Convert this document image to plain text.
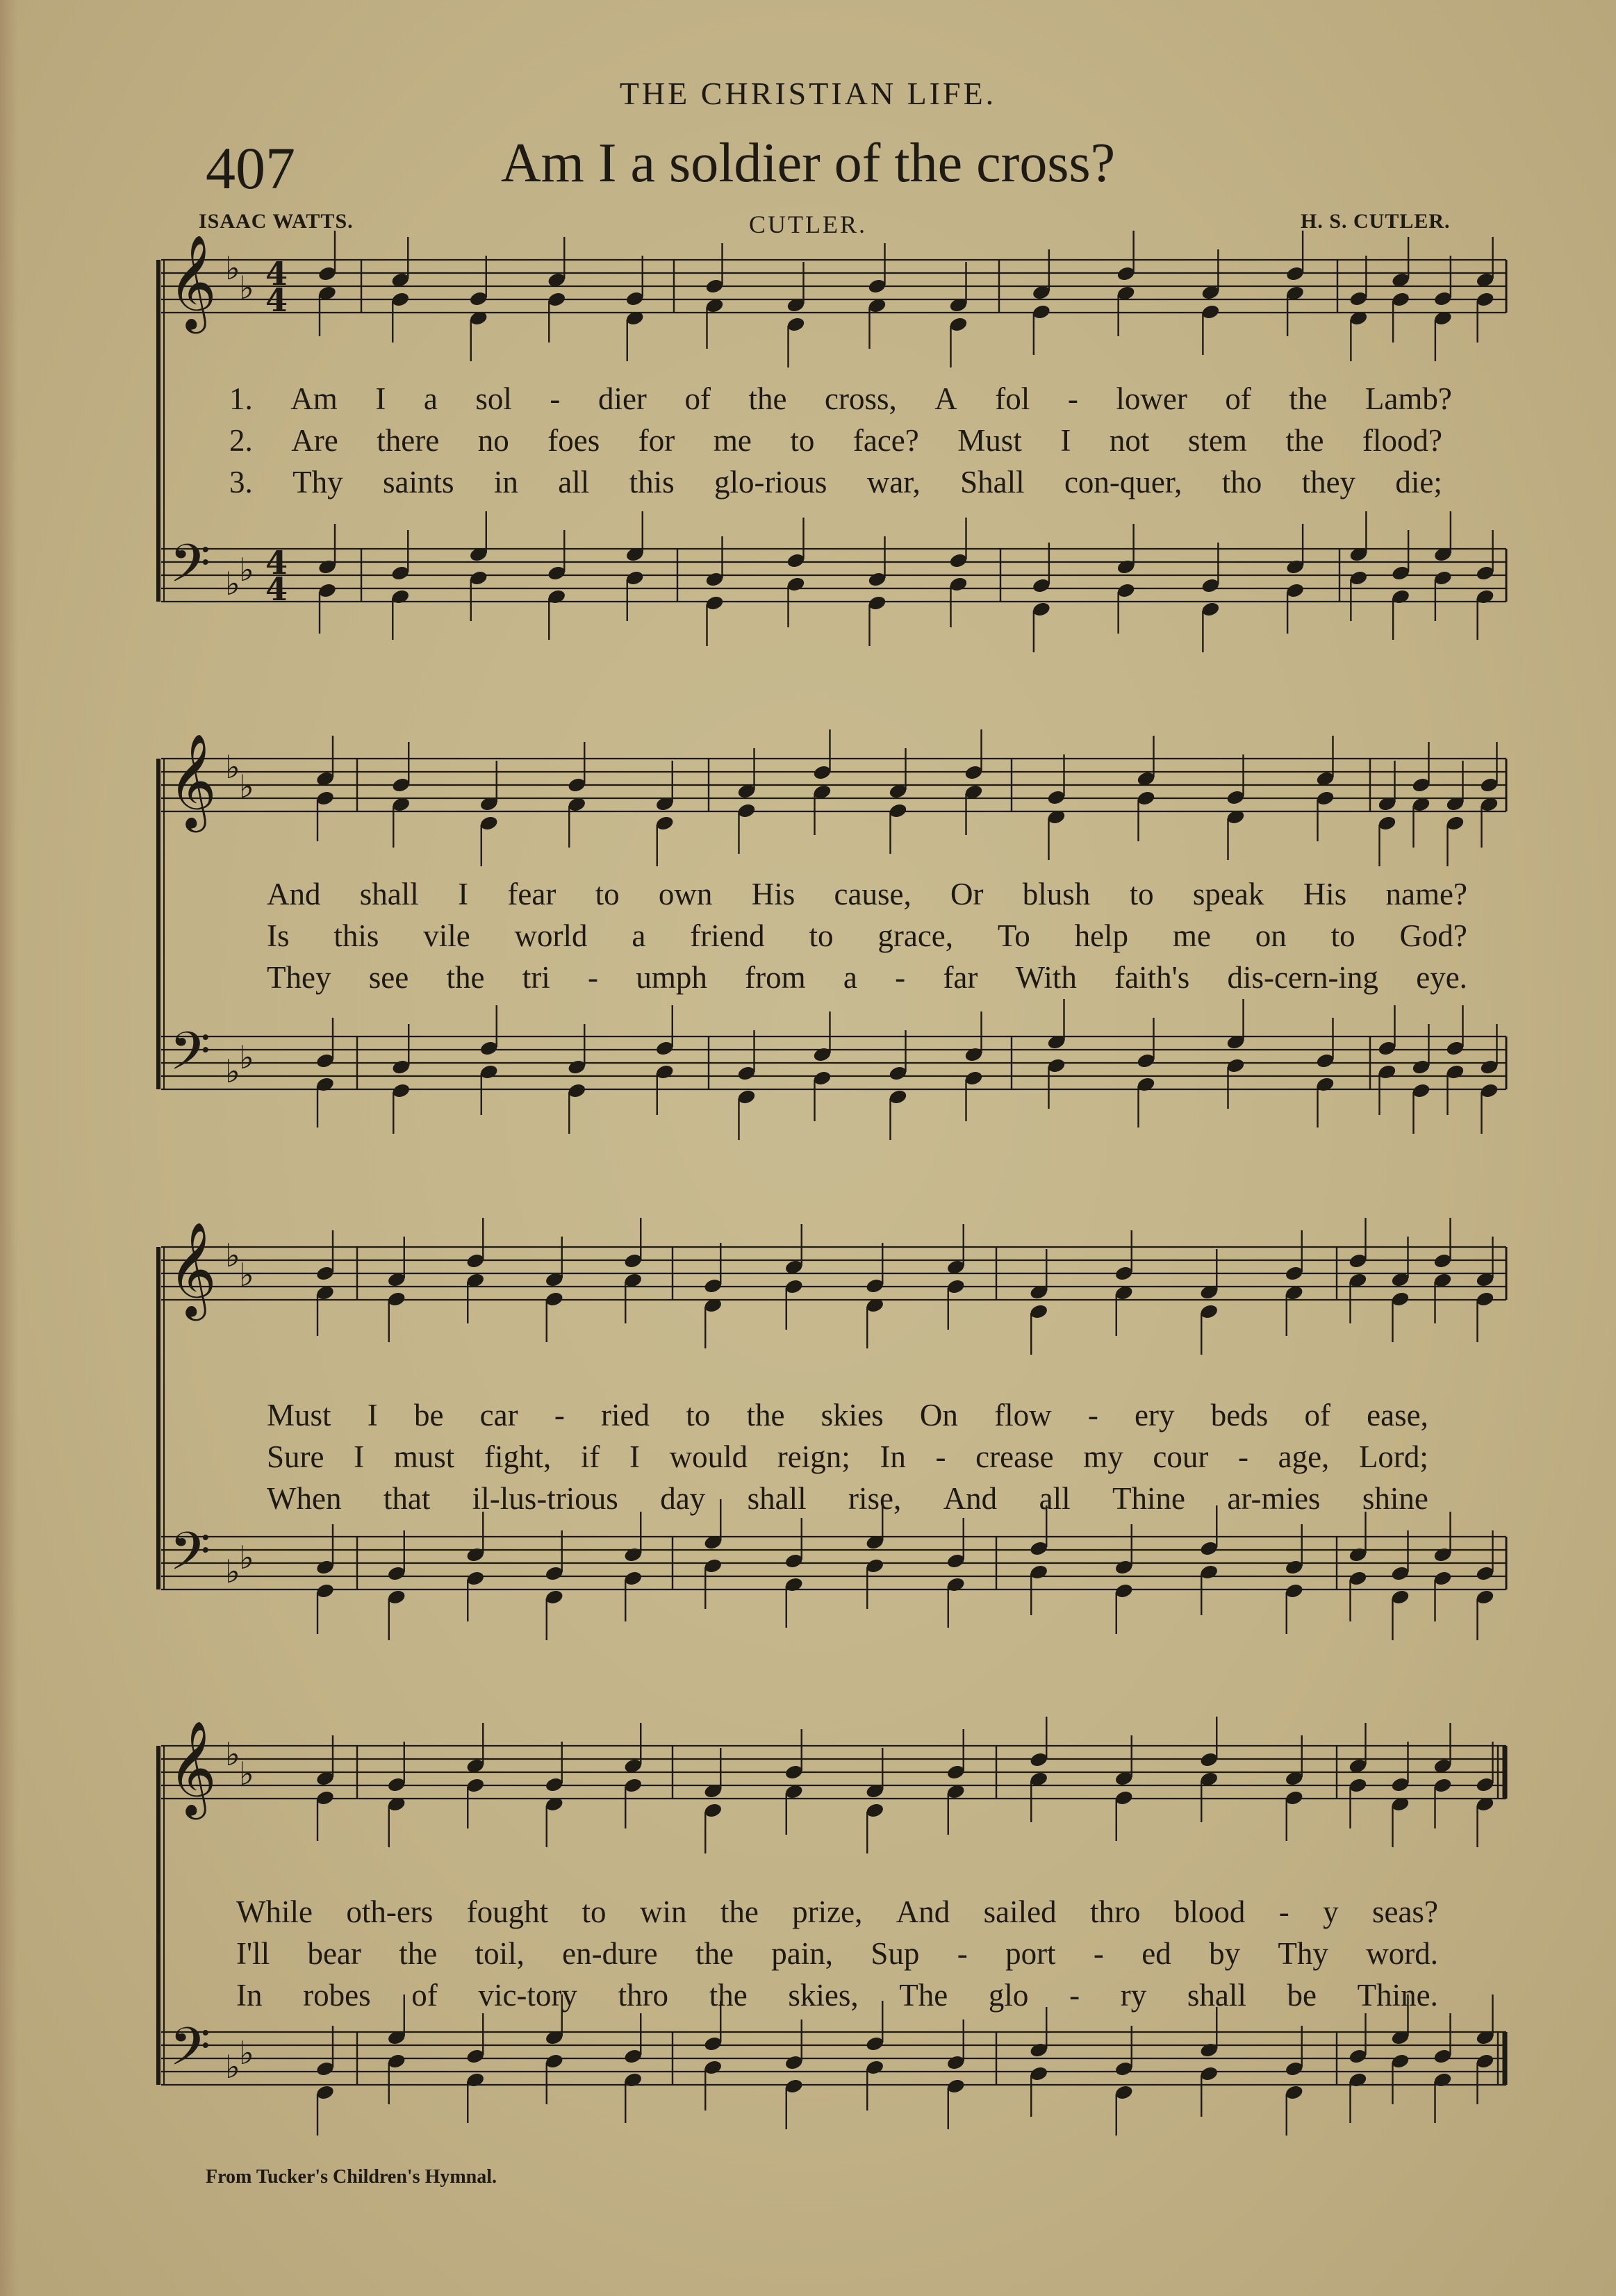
THE CHRISTIAN LIFE.
407	Am I a soldier of the cross?
ISAAC WATTS.	CUTLER.	H. S. CUTLER.
𝄞
𝄢
♭
♭
♭
♭
4
4
4
4
𝄞
𝄢
♭
♭
♭
♭
𝄞
𝄢
♭
♭
♭
♭
𝄞
𝄢
♭
♭
♭
♭
1. Am I a sol - dier of the cross, A fol - lower of the Lamb?
2. Are there no foes for me to face? Must I not stem the flood?
3. Thy saints in all this glo-rious war, Shall con-quer, tho they die;
And shall I fear to own His cause, Or blush to speak His name?
Is this vile world a friend to grace, To help me on to God?
They see the tri - umph from a - far With faith's dis-cern-ing eye.
Must I be car - ried to the skies On flow - ery beds of ease,
Sure I must fight, if I would reign; In - crease my cour - age, Lord;
When that il-lus-trious day shall rise, And all Thine ar-mies shine
While oth-ers fought to win the prize, And sailed thro blood - y seas?
I'll bear the toil, en-dure the pain, Sup - port - ed by Thy word.
In robes of vic-tory thro the skies, The glo - ry shall be Thine.
From Tucker's Children's Hymnal.
